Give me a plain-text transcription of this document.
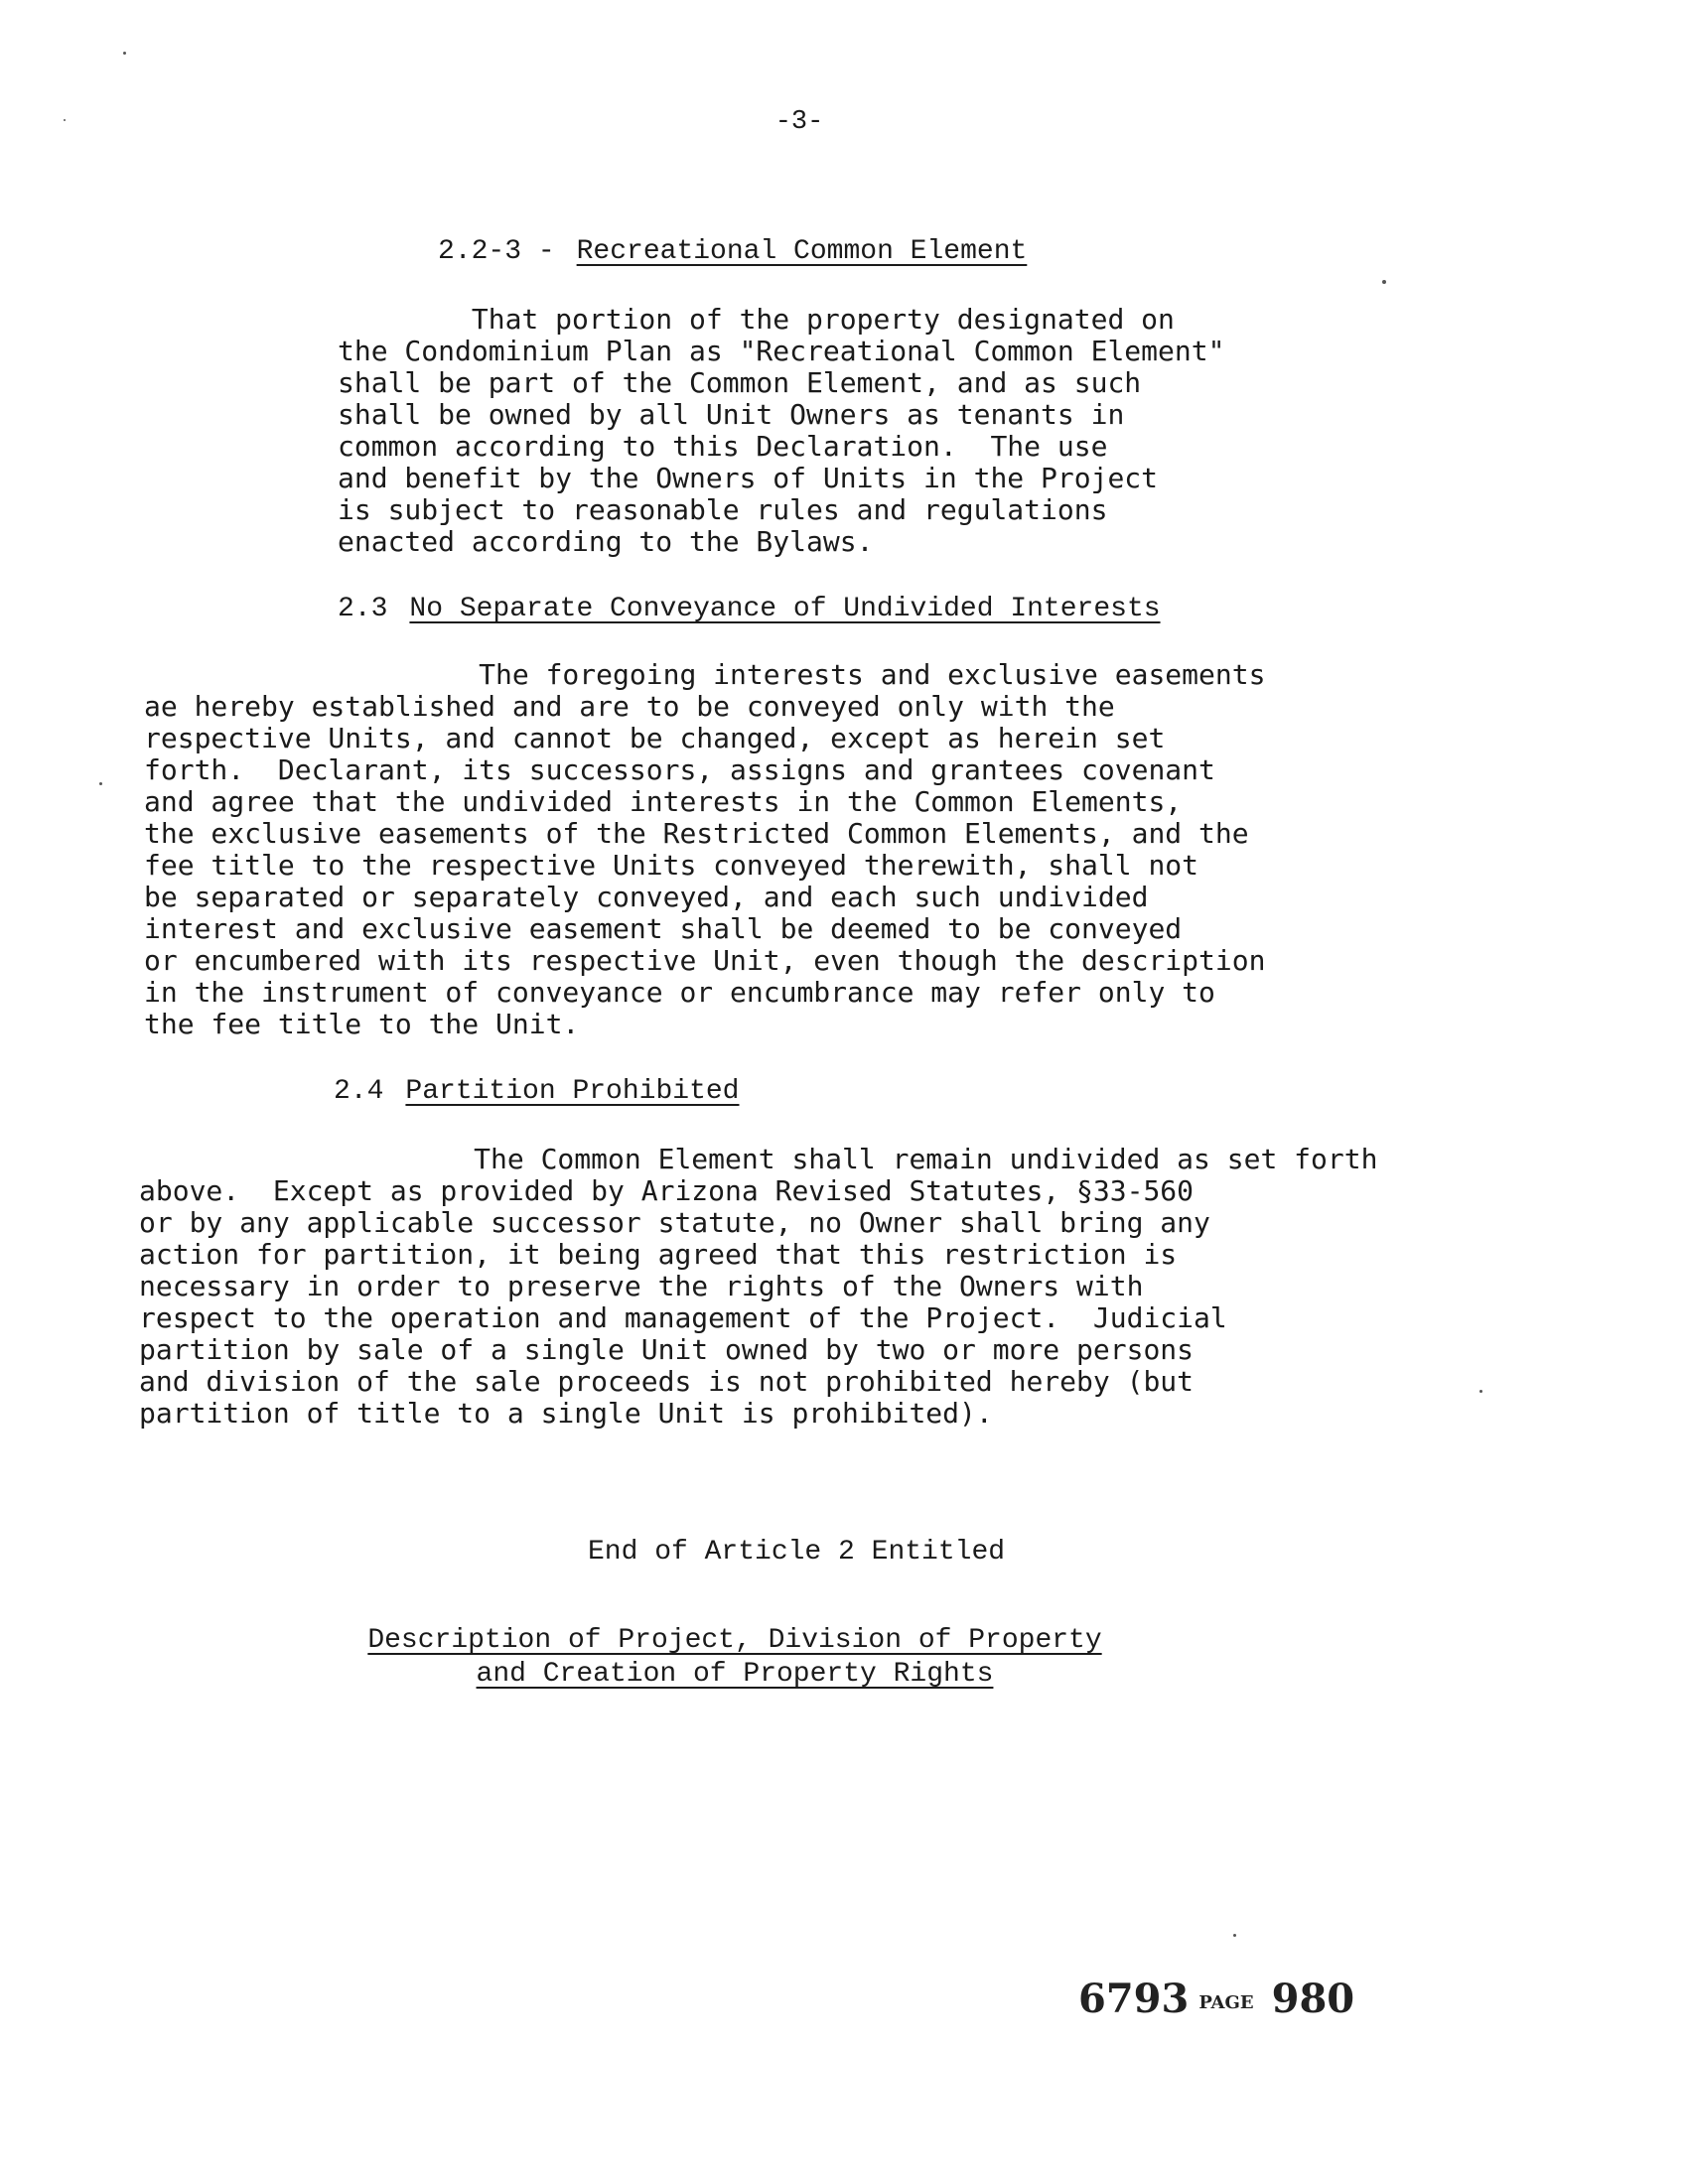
-3-
2.2-3 - Recreational Common Element
That portion of the property designated on
the Condominium Plan as "Recreational Common Element"
shall be part of the Common Element, and as such
shall be owned by all Unit Owners as tenants in
common according to this Declaration.  The use
and benefit by the Owners of Units in the Project
is subject to reasonable rules and regulations
enacted according to the Bylaws.
2.3 No Separate Conveyance of Undivided Interests
The foregoing interests and exclusive easements
ae hereby established and are to be conveyed only with the
respective Units, and cannot be changed, except as herein set
forth.  Declarant, its successors, assigns and grantees covenant
and agree that the undivided interests in the Common Elements,
the exclusive easements of the Restricted Common Elements, and the
fee title to the respective Units conveyed therewith, shall not
be separated or separately conveyed, and each such undivided
interest and exclusive easement shall be deemed to be conveyed
or encumbered with its respective Unit, even though the description
in the instrument of conveyance or encumbrance may refer only to
the fee title to the Unit.
2.4 Partition Prohibited
The Common Element shall remain undivided as set forth
above.  Except as provided by Arizona Revised Statutes, §33-560
or by any applicable successor statute, no Owner shall bring any
action for partition, it being agreed that this restriction is
necessary in order to preserve the rights of the Owners with
respect to the operation and management of the Project.  Judicial
partition by sale of a single Unit owned by two or more persons
and division of the sale proceeds is not prohibited hereby (but
partition of title to a single Unit is prohibited).
End of Article 2 Entitled
Description of Project, Division of Property
and Creation of Property Rights
6793 PAGE 980
